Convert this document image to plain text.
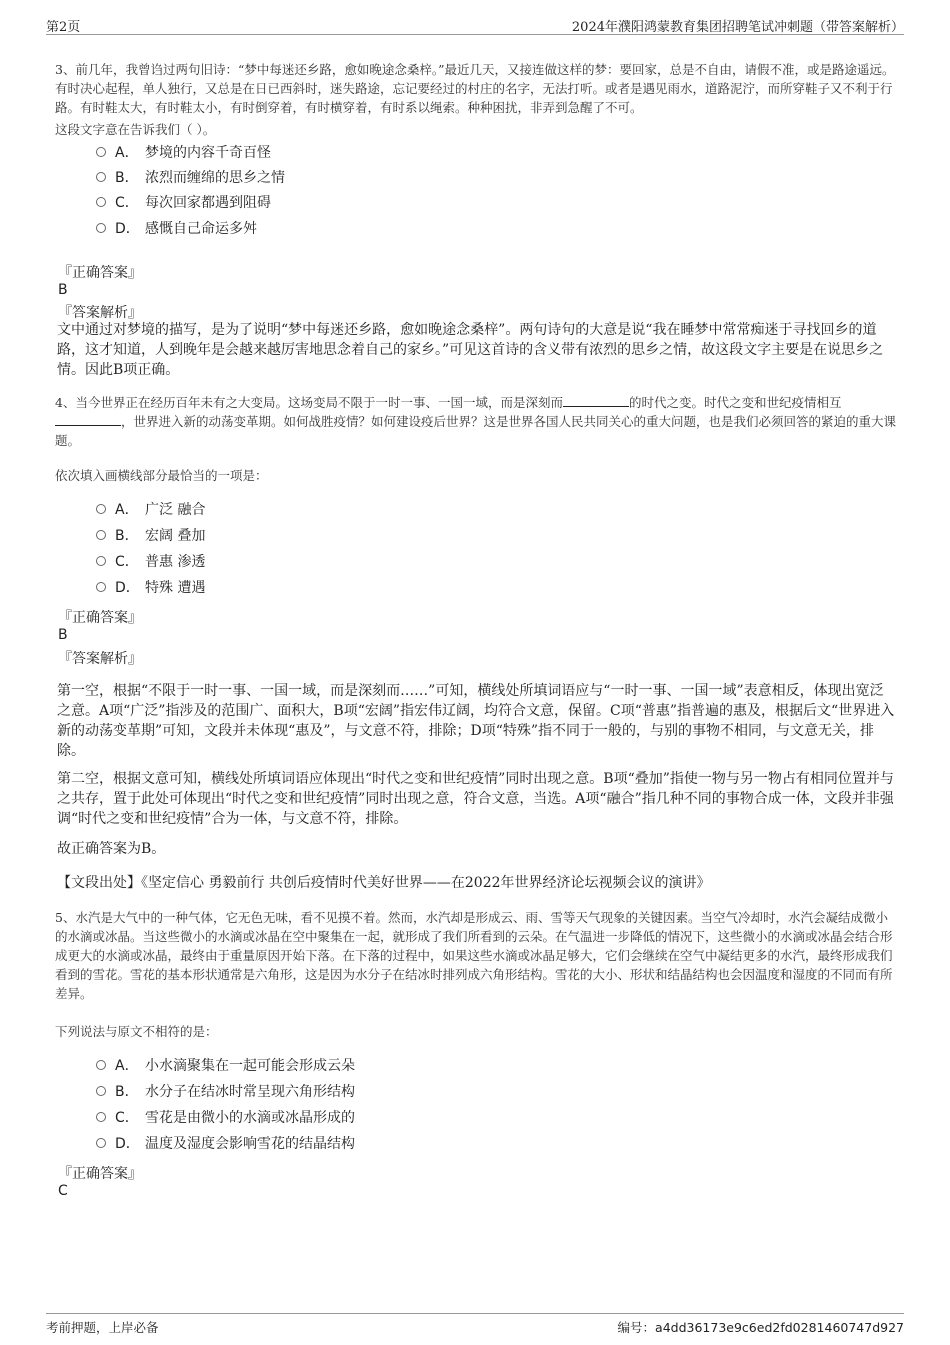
第2页	2024年濮阳鸿蒙教育集团招聘笔试冲刺题（带答案解析）

3、前几年，我曾诌过两句旧诗：“梦中每迷还乡路，愈如晚途念桑梓。”最近几天，又接连做这样的梦：要回家，总是不自由，请假不准，或是路途遥远。有时决心起程，单人独行，又总是在日已西斜时，迷失路途，忘记要经过的村庄的名字，无法打听。或者是遇见雨水，道路泥泞，而所穿鞋子又不利于行路。有时鞋太大，有时鞋太小，有时倒穿着，有时横穿着，有时系以绳索。种种困扰，非弄到急醒了不可。

这段文字意在告诉我们（ ）。

A． 梦境的内容千奇百怪
B． 浓烈而缠绵的思乡之情
C． 每次回家都遇到阻碍
D． 感慨自己命运多舛
『正确答案』
B
『答案解析』

文中通过对梦境的描写，是为了说明“梦中每迷还乡路，愈如晚途念桑梓”。两句诗句的大意是说“我在睡梦中常常痴迷于寻找回乡的道路，这才知道，人到晚年是会越来越厉害地思念着自己的家乡。”可见这首诗的含义带有浓烈的思乡之情，故这段文字主要是在说思乡之情。因此B项正确。

4、当今世界正在经历百年未有之大变局。这场变局不限于一时一事、一国一域，而是深刻而	的时代之变。时代之变和世纪疫情相互，世界进入新的动荡变革期。如何战胜疫情？如何建设疫后世界？这是世界各国人民共同关心的重大问题，也是我们必须回答的紧迫的重大课题。

依次填入画横线部分最恰当的一项是：

A． 广泛 融合
B． 宏阔 叠加
C． 普惠 渗透
D． 特殊 遭遇
『正确答案』
B
『答案解析』

第一空，根据“不限于一时一事、一国一域，而是深刻而……”可知，横线处所填词语应与“一时一事、一国一域”表意相反，体现出宽泛之意。A项“广泛”指涉及的范围广、面积大，B项“宏阔”指宏伟辽阔，均符合文意，保留。C项“普惠”指普遍的惠及，根据后文“世界进入新的动荡变革期”可知，文段并未体现“惠及”，与文意不符，排除；D项“特殊”指不同于一般的，与别的事物不相同，与文意无关，排除。

第二空，根据文意可知，横线处所填词语应体现出“时代之变和世纪疫情”同时出现之意。B项“叠加”指使一物与另一物占有相同位置并与之共存，置于此处可体现出“时代之变和世纪疫情”同时出现之意，符合文意，当选。A项“融合”指几种不同的事物合成一体，文段并非强调“时代之变和世纪疫情”合为一体，与文意不符，排除。

故正确答案为B。

【文段出处】《坚定信心 勇毅前行 共创后疫情时代美好世界——在2022年世界经济论坛视频会议的演讲》

5、水汽是大气中的一种气体，它无色无味，看不见摸不着。然而，水汽却是形成云、雨、雪等天气现象的关键因素。当空气冷却时，水汽会凝结成微小的水滴或冰晶。当这些微小的水滴或冰晶在空中聚集在一起，就形成了我们所看到的云朵。在气温进一步降低的情况下，这些微小的水滴或冰晶会结合形成更大的水滴或冰晶，最终由于重量原因开始下落。在下落的过程中，如果这些水滴或冰晶足够大，它们会继续在空气中凝结更多的水汽，最终形成我们看到的雪花。雪花的基本形状通常是六角形，这是因为水分子在结冰时排列成六角形结构。雪花的大小、形状和结晶结构也会因温度和湿度的不同而有所差异。

下列说法与原文不相符的是：

A． 小水滴聚集在一起可能会形成云朵
B． 水分子在结冰时常呈现六角形结构
C． 雪花是由微小的水滴或冰晶形成的
D． 温度及湿度会影响雪花的结晶结构
『正确答案』
C
考前押题，上岸必备	编号：a4dd36173e9c6ed2fd0281460747d927
